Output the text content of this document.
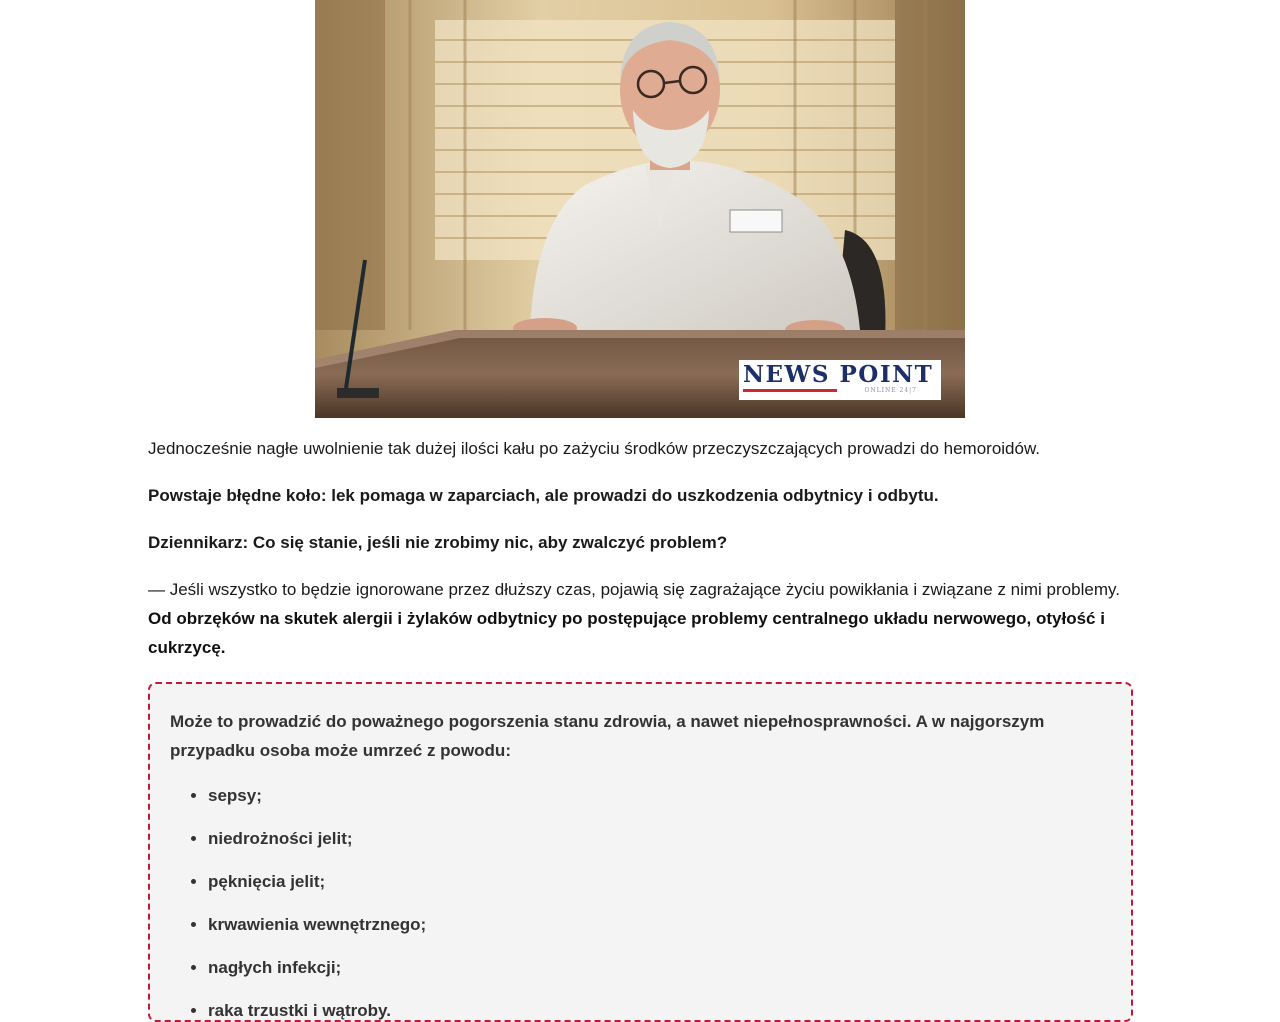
NEWS POINT
ONLINE 24|7

Jednocześnie nagłe uwolnienie tak dużej ilości kału po zażyciu środków przeczyszczających prowadzi do hemoroidów.

Powstaje błędne koło: lek pomaga w zaparciach, ale prowadzi do uszkodzenia odbytnicy i odbytu.

Dziennikarz: Co się stanie, jeśli nie zrobimy nic, aby zwalczyć problem?

— Jeśli wszystko to będzie ignorowane przez dłuższy czas, pojawią się zagrażające życiu powikłania i związane z nimi problemy. Od obrzęków na skutek alergii i żylaków odbytnicy po postępujące problemy centralnego układu nerwowego, otyłość i cukrzycę.

Może to prowadzić do poważnego pogorszenia stanu zdrowia, a nawet niepełnosprawności. A w najgorszym przypadku osoba może umrzeć z powodu:

• sepsy;
• niedrożności jelit;
• pęknięcia jelit;
• krwawienia wewnętrznego;
• nagłych infekcji;
• raka trzustki i wątroby.
